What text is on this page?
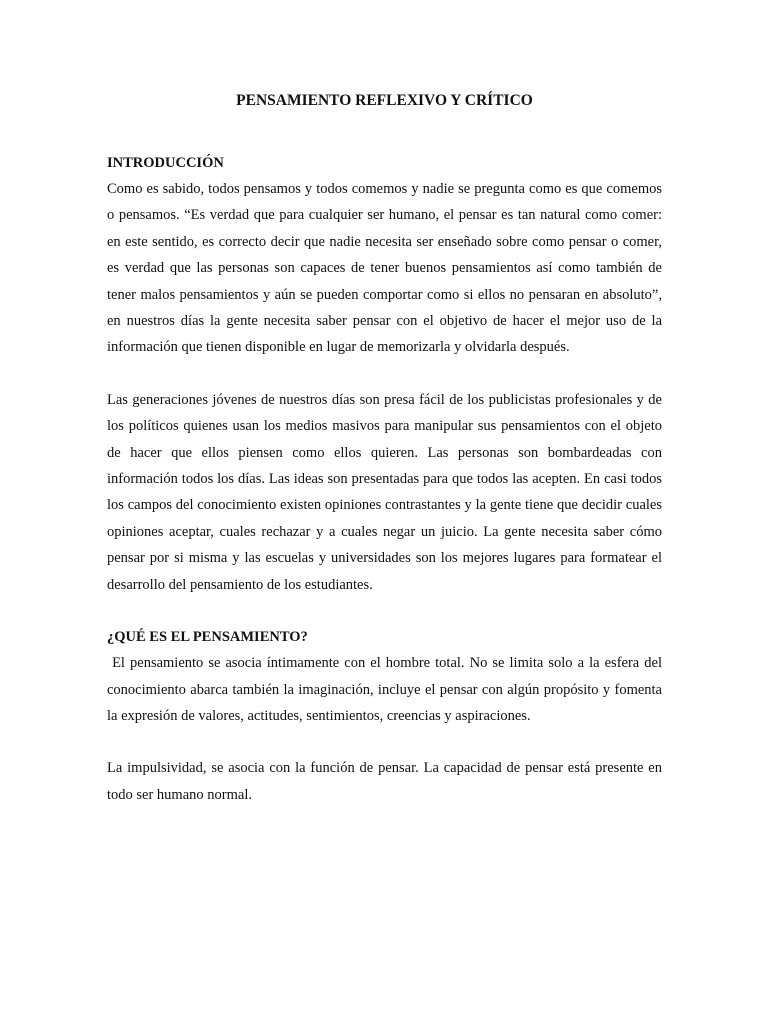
PENSAMIENTO REFLEXIVO Y CRÍTICO
INTRODUCCIÓN

Como es sabido, todos pensamos y todos comemos y nadie se pregunta como es que comemos o pensamos. “Es verdad que para cualquier ser humano, el pensar es tan natural como comer: en este sentido, es correcto decir que nadie necesita ser enseñado sobre como pensar o comer, es verdad que las personas son capaces de tener buenos pensamientos así como también de tener malos pensamientos y aún se pueden comportar como si ellos no pensaran en absoluto”, en nuestros días la gente necesita saber pensar con el objetivo de hacer el mejor uso de la información que tienen disponible en lugar de memorizarla y olvidarla después.

Las generaciones jóvenes de nuestros días son presa fácil de los publicistas profesionales y de los políticos quienes usan los medios masivos para manipular sus pensamientos con el objeto de hacer que ellos piensen como ellos quieren. Las personas son bombardeadas con información todos los días. Las ideas son presentadas para que todos las acepten. En casi todos los campos del conocimiento existen opiniones contrastantes y la gente tiene que decidir cuales opiniones aceptar, cuales rechazar y a cuales negar un juicio. La gente necesita saber cómo pensar por si misma y las escuelas y universidades son los mejores lugares para formatear el desarrollo del pensamiento de los estudiantes.

¿QUÉ ES EL PENSAMIENTO?

El pensamiento se asocia íntimamente con el hombre total. No se limita solo a la esfera del conocimiento abarca también la imaginación, incluye el pensar con algún propósito y fomenta la expresión de valores, actitudes, sentimientos, creencias y aspiraciones.

La impulsividad, se asocia con la función de pensar. La capacidad de pensar está presente en todo ser humano normal.
